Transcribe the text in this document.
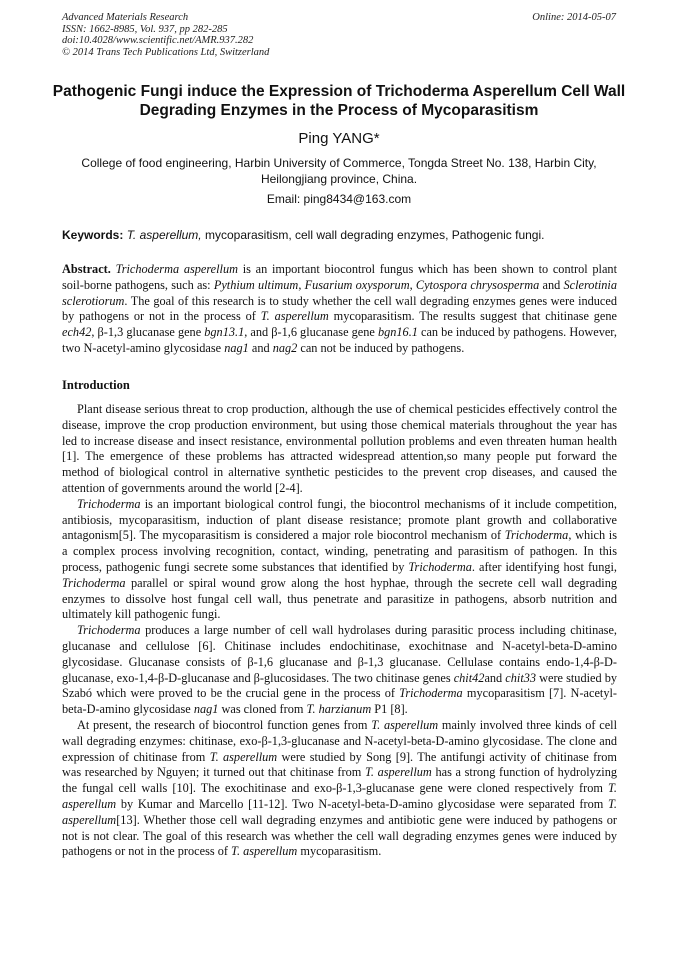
Advanced Materials Research
ISSN: 1662-8985, Vol. 937, pp 282-285
doi:10.4028/www.scientific.net/AMR.937.282
© 2014 Trans Tech Publications Ltd, Switzerland
Online: 2014-05-07
Pathogenic Fungi induce the Expression of Trichoderma Asperellum Cell Wall Degrading Enzymes in the Process of Mycoparasitism
Ping YANG*
College of food engineering, Harbin University of Commerce, Tongda Street No. 138, Harbin City, Heilongjiang province, China.
Email: ping8434@163.com
Keywords: T. asperellum, mycoparasitism, cell wall degrading enzymes, Pathogenic fungi.
Abstract. Trichoderma asperellum is an important biocontrol fungus which has been shown to control plant soil-borne pathogens, such as: Pythium ultimum, Fusarium oxysporum, Cytospora chrysosperma and Sclerotinia sclerotiorum. The goal of this research is to study whether the cell wall degrading enzymes genes were induced by pathogens or not in the process of T. asperellum mycoparasitism. The results suggest that chitinase gene ech42, β-1,3 glucanase gene bgn13.1, and β-1,6 glucanase gene bgn16.1 can be induced by pathogens. However, two N-acetyl-amino glycosidase nag1 and nag2 can not be induced by pathogens.
Introduction

Plant disease serious threat to crop production, although the use of chemical pesticides effectively control the disease, improve the crop production environment, but using those chemical materials throughout the year has led to increase disease and insect resistance, environmental pollution problems and even threaten human health [1]. The emergence of these problems has attracted widespread attention,so many people put forward the method of biological control in alternative synthetic pesticides to the prevent crop diseases, and caused the attention of governments around the world [2-4].

Trichoderma is an important biological control fungi, the biocontrol mechanisms of it include competition, antibiosis, mycoparasitism, induction of plant disease resistance; promote plant growth and collaborative antagonism[5]. The mycoparasitism is considered a major role biocontrol mechanism of Trichoderma, which is a complex process involving recognition, contact, winding, penetrating and parasitism of pathogen. In this process, pathogenic fungi secrete some substances that identified by Trichoderma. after identifying host fungi, Trichoderma parallel or spiral wound grow along the host hyphae, through the secrete cell wall degrading enzymes to dissolve host fungal cell wall, thus penetrate and parasitize in pathogens, absorb nutrition and ultimately kill pathogenic fungi.

Trichoderma produces a large number of cell wall hydrolases during parasitic process including chitinase, glucanase and cellulose [6]. Chitinase includes endochitinase, exochitnase and N-acetyl-beta-D-amino glycosidase. Glucanase consists of β-1,6 glucanase and β-1,3 glucanase. Cellulase contains endo-1,4-β-D-glucanase, exo-1,4-β-D-glucanase and β-glucosidases. The two chitinase genes chit42and chit33 were studied by Szabó which were proved to be the crucial gene in the process of Trichoderma mycoparasitism [7]. N-acetyl-beta-D-amino glycosidase nag1 was cloned from T. harzianum P1 [8].

At present, the research of biocontrol function genes from T. asperellum mainly involved three kinds of cell wall degrading enzymes: chitinase, exo-β-1,3-glucanase and N-acetyl-beta-D-amino glycosidase. The clone and expression of chitinase from T. asperellum were studied by Song [9]. The antifungi activity of chitinase from was researched by Nguyen; it turned out that chitinase from T. asperellum has a strong function of hydrolyzing the fungal cell walls [10]. The exochitinase and exo-β-1,3-glucanase gene were cloned respectively from T. asperellum by Kumar and Marcello [11-12]. Two N-acetyl-beta-D-amino glycosidase were separated from T. asperellum[13]. Whether those cell wall degrading enzymes and antibiotic gene were induced by pathogens or not is not clear. The goal of this research was whether the cell wall degrading enzymes genes were induced by pathogens or not in the process of T. asperellum mycoparasitism.
